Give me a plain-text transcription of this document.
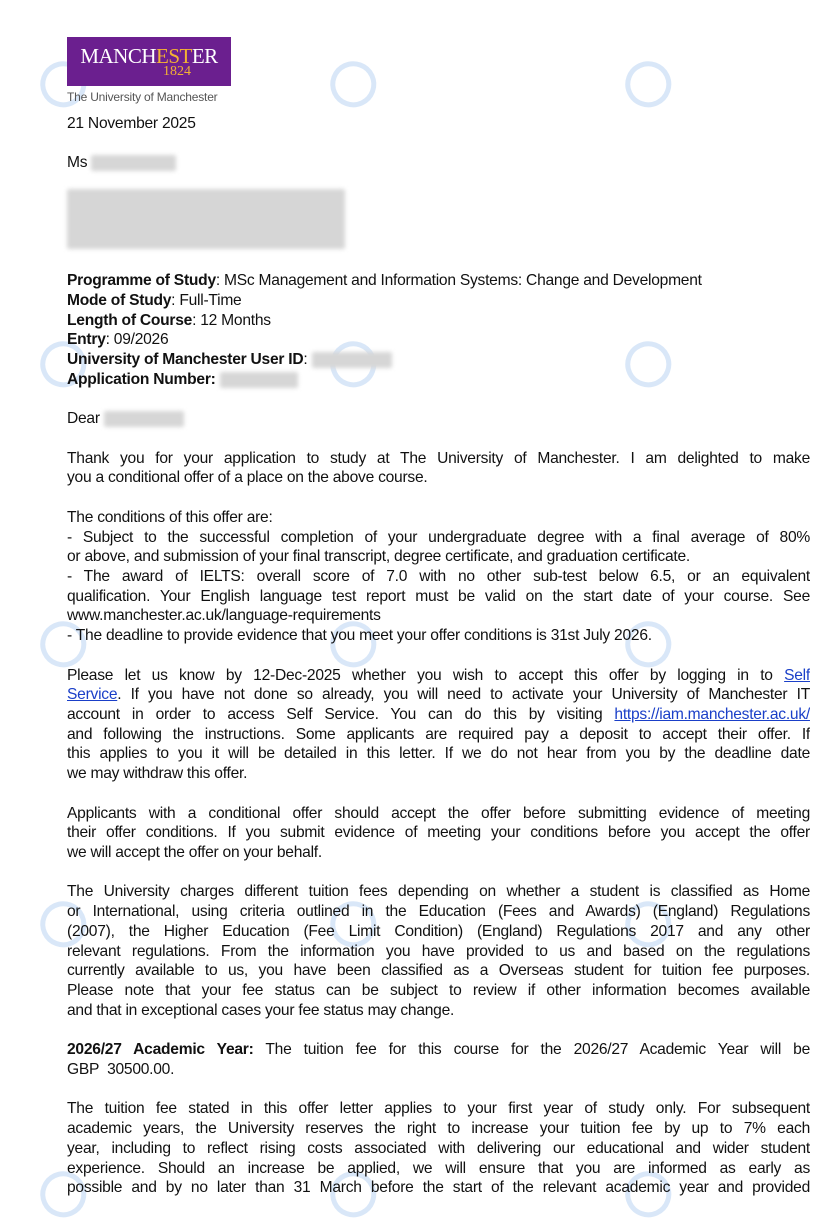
MANCHESTER
1824
The University of Manchester
21 November 2025
Ms
Programme of Study: MSc Management and Information Systems: Change and Development
Mode of Study: Full-Time
Length of Course: 12 Months
Entry: 09/2026
University of Manchester User ID:
Application Number:
Dear
Thank you for your application to study at The University of Manchester. I am delighted to make
you a conditional offer of a place on the above course.
The conditions of this offer are:
- Subject to the successful completion of your undergraduate degree with a final average of 80%
or above, and submission of your final transcript, degree certificate, and graduation certificate.
- The award of IELTS: overall score of 7.0 with no other sub-test below 6.5, or an equivalent
qualification. Your English language test report must be valid on the start date of your course. See
www.manchester.ac.uk/language-requirements
- The deadline to provide evidence that you meet your offer conditions is 31st July 2026.
Please let us know by 12-Dec-2025 whether you wish to accept this offer by logging in to Self
Service. If you have not done so already, you will need to activate your University of Manchester IT
account in order to access Self Service. You can do this by visiting https://iam.manchester.ac.uk/
and following the instructions. Some applicants are required pay a deposit to accept their offer. If
this applies to you it will be detailed in this letter. If we do not hear from you by the deadline date
we may withdraw this offer.
Applicants with a conditional offer should accept the offer before submitting evidence of meeting
their offer conditions. If you submit evidence of meeting your conditions before you accept the offer
we will accept the offer on your behalf.
The University charges different tuition fees depending on whether a student is classified as Home
or International, using criteria outlined in the Education (Fees and Awards) (England) Regulations
(2007), the Higher Education (Fee Limit Condition) (England) Regulations 2017 and any other
relevant regulations. From the information you have provided to us and based on the regulations
currently available to us, you have been classified as a Overseas student for tuition fee purposes.
Please note that your fee status can be subject to review if other information becomes available
and that in exceptional cases your fee status may change.
2026/27 Academic Year: The tuition fee for this course for the 2026/27 Academic Year will be
GBP  30500.00.
The tuition fee stated in this offer letter applies to your first year of study only. For subsequent
academic years, the University reserves the right to increase your tuition fee by up to 7% each
year, including to reflect rising costs associated with delivering our educational and wider student
experience. Should an increase be applied, we will ensure that you are informed as early as
possible and by no later than 31 March before the start of the relevant academic year and provided
